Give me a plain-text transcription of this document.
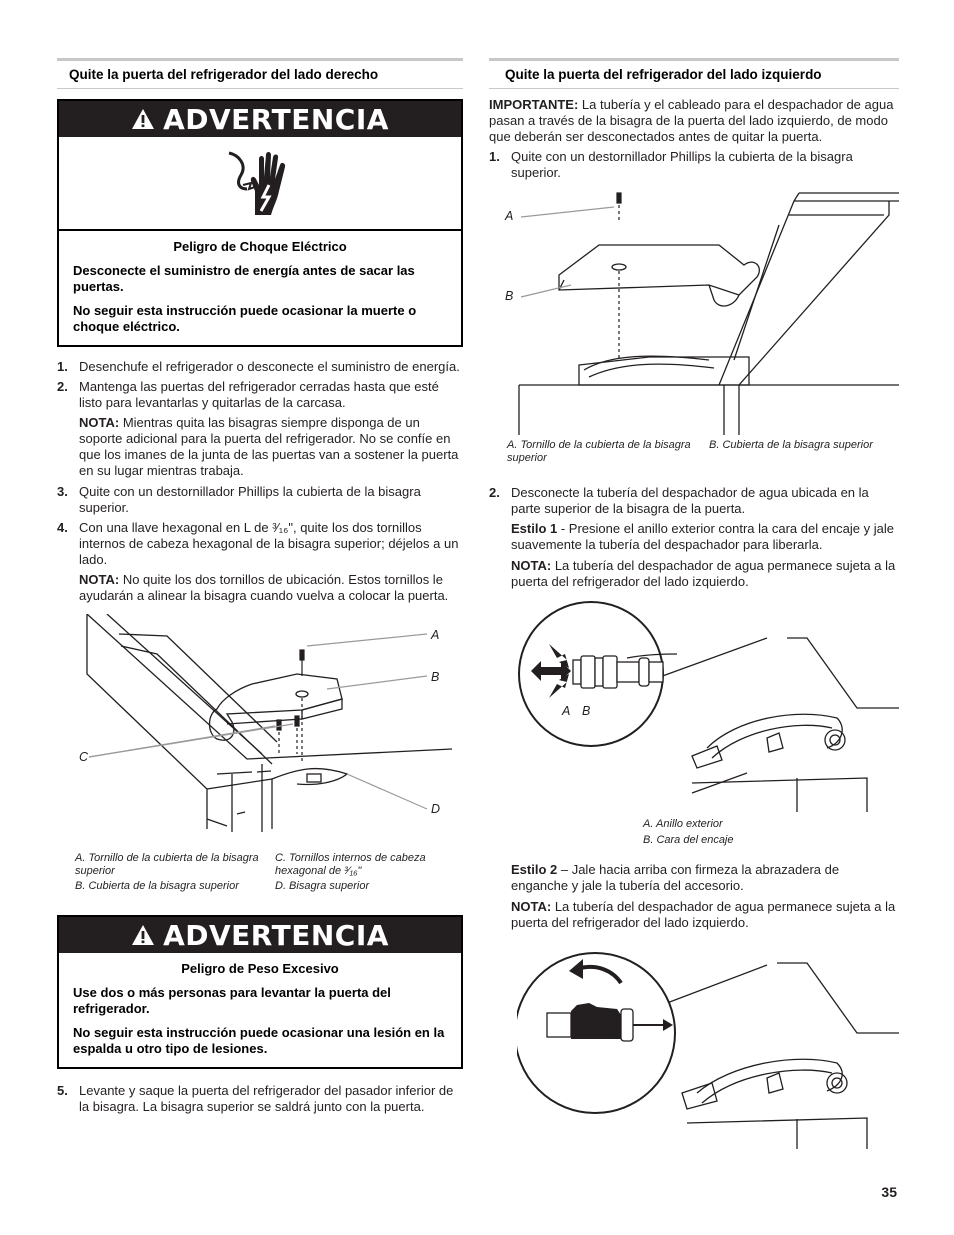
Quite la puerta del refrigerador del lado derecho
ADVERTENCIA
Peligro de Choque Eléctrico

Desconecte el suministro de energía antes de sacar las puertas.

No seguir esta instrucción puede ocasionar la muerte o choque eléctrico.

1. Desenchufe el refrigerador o desconecte el suministro de energía.
2. Mantenga las puertas del refrigerador cerradas hasta que esté listo para levantarlas y quitarlas de la carcasa.
NOTA: Mientras quita las bisagras siempre disponga de un soporte adicional para la puerta del refrigerador. No se confíe en que los imanes de la junta de las puertas van a sostener la puerta en su lugar mientras trabaja.
3. Quite con un destornillador Phillips la cubierta de la bisagra superior.
4. Con una llave hexagonal en L de ³⁄₁₆", quite los dos tornillos internos de cabeza hexagonal de la bisagra superior; déjelos a un lado.
NOTA: No quite los dos tornillos de ubicación. Estos tornillos le ayudarán a alinear la bisagra cuando vuelva a colocar la puerta.
A
B
C
D
A. Tornillo de la cubierta de la bisagra superior
C. Tornillos internos de cabeza hexagonal de ³⁄₁₆"
B. Cubierta de la bisagra superior	D. Bisagra superior
ADVERTENCIA
Peligro de Peso Excesivo

Use dos o más personas para levantar la puerta del refrigerador.

No seguir esta instrucción puede ocasionar una lesión en la espalda u otro tipo de lesiones.

5. Levante y saque la puerta del refrigerador del pasador inferior de la bisagra. La bisagra superior se saldrá junto con la puerta.
Quite la puerta del refrigerador del lado izquierdo
IMPORTANTE: La tubería y el cableado para el despachador de agua pasan a través de la bisagra de la puerta del lado izquierdo, de modo que deberán ser desconectados antes de quitar la puerta.
1. Quite con un destornillador Phillips la cubierta de la bisagra superior.
A
B
A. Tornillo de la cubierta de la bisagra superior
B. Cubierta de la bisagra superior
2. Desconecte la tubería del despachador de agua ubicada en la parte superior de la bisagra de la puerta.
Estilo 1 - Presione el anillo exterior contra la cara del encaje y jale suavemente la tubería del despachador para liberarla.
NOTA: La tubería del despachador de agua permanece sujeta a la puerta del refrigerador del lado izquierdo.
A B
A. Anillo exterior
B. Cara del encaje
Estilo 2 – Jale hacia arriba con firmeza la abrazadera de enganche y jale la tubería del accesorio.
NOTA: La tubería del despachador de agua permanece sujeta a la puerta del refrigerador del lado izquierdo.
35
